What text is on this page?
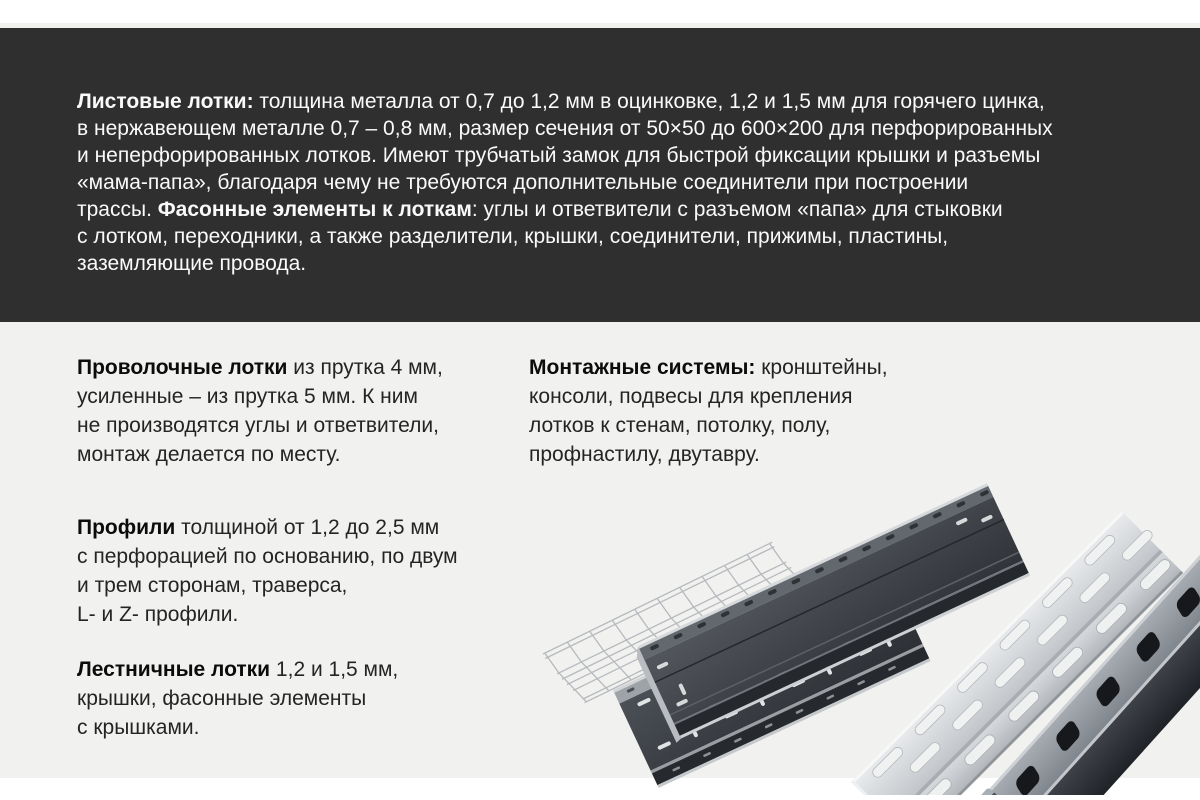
Листовые лотки: толщина металла от 0,7 до 1,2 мм в оцинковке, 1,2 и 1,5 мм для горячего цинка,

в нержавеющем металле 0,7 – 0,8 мм, размер сечения от 50×50 до 600×200 для перфорированных

и неперфорированных лотков. Имеют трубчатый замок для быстрой фиксации крышки и разъемы

«мама-папа», благодаря чему не требуются дополнительные соединители при построении

трассы. Фасонные элементы к лоткам: углы и ответвители с разъемом «папа» для стыковки

с лотком, переходники, а также разделители, крышки, соединители, прижимы, пластины,

заземляющие провода.

Проволочные лотки из прутка 4 мм,

усиленные – из прутка 5 мм. К ним

не производятся углы и ответвители,

монтаж делается по месту.

Профили толщиной от 1,2 до 2,5 мм

с перфорацией по основанию, по двум

и трем сторонам, траверса,

L- и Z- профили.

Лестничные лотки 1,2 и 1,5 мм,

крышки, фасонные элементы

с крышками.

Монтажные системы: кронштейны,

консоли, подвесы для крепления

лотков к стенам, потолку, полу,

профнастилу, двутавру.
